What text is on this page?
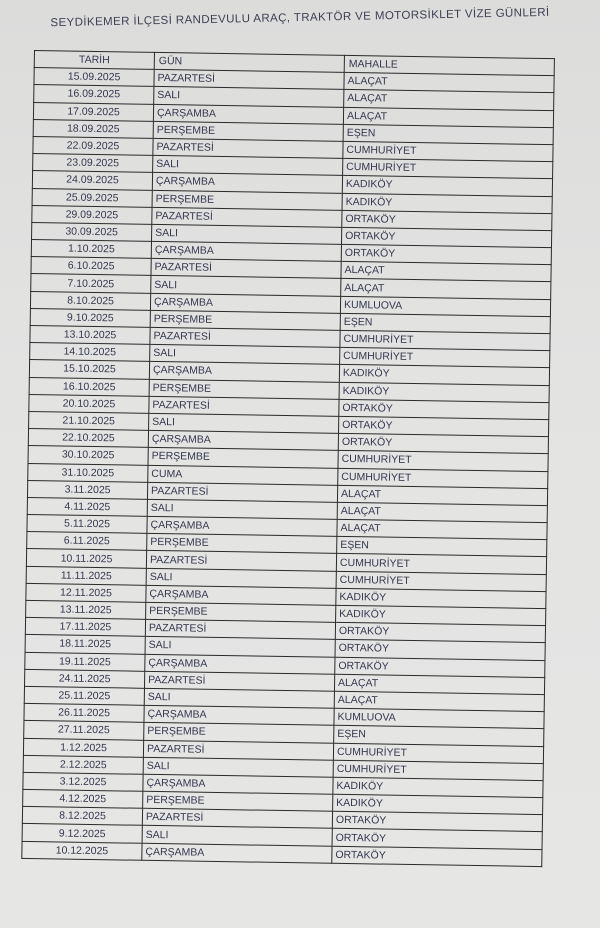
SEYDİKEMER İLÇESİ RANDEVULU ARAÇ, TRAKTÖR VE MOTORSİKLET VİZE GÜNLERİ
TARİH	GÜN	MAHALLE
15.09.2025	PAZARTESİ	ALAÇAT
16.09.2025	SALI	ALAÇAT
17.09.2025	ÇARŞAMBA	ALAÇAT
18.09.2025	PERŞEMBE	EŞEN
22.09.2025	PAZARTESİ	CUMHURİYET
23.09.2025	SALI	CUMHURİYET
24.09.2025	ÇARŞAMBA	KADIKÖY
25.09.2025	PERŞEMBE	KADIKÖY
29.09.2025	PAZARTESİ	ORTAKÖY
30.09.2025	SALI	ORTAKÖY
1.10.2025	ÇARŞAMBA	ORTAKÖY
6.10.2025	PAZARTESİ	ALAÇAT
7.10.2025	SALI	ALAÇAT
8.10.2025	ÇARŞAMBA	KUMLUOVA
9.10.2025	PERŞEMBE	EŞEN
13.10.2025	PAZARTESİ	CUMHURİYET
14.10.2025	SALI	CUMHURİYET
15.10.2025	ÇARŞAMBA	KADIKÖY
16.10.2025	PERŞEMBE	KADIKÖY
20.10.2025	PAZARTESİ	ORTAKÖY
21.10.2025	SALI	ORTAKÖY
22.10.2025	ÇARŞAMBA	ORTAKÖY
30.10.2025	PERŞEMBE	CUMHURİYET
31.10.2025	CUMA	CUMHURİYET
3.11.2025	PAZARTESİ	ALAÇAT
4.11.2025	SALI	ALAÇAT
5.11.2025	ÇARŞAMBA	ALAÇAT
6.11.2025	PERŞEMBE	EŞEN
10.11.2025	PAZARTESİ	CUMHURİYET
11.11.2025	SALI	CUMHURİYET
12.11.2025	ÇARŞAMBA	KADIKÖY
13.11.2025	PERŞEMBE	KADIKÖY
17.11.2025	PAZARTESİ	ORTAKÖY
18.11.2025	SALI	ORTAKÖY
19.11.2025	ÇARŞAMBA	ORTAKÖY
24.11.2025	PAZARTESİ	ALAÇAT
25.11.2025	SALI	ALAÇAT
26.11.2025	ÇARŞAMBA	KUMLUOVA
27.11.2025	PERŞEMBE	EŞEN
1.12.2025	PAZARTESİ	CUMHURİYET
2.12.2025	SALI	CUMHURİYET
3.12.2025	ÇARŞAMBA	KADIKÖY
4.12.2025	PERŞEMBE	KADIKÖY
8.12.2025	PAZARTESİ	ORTAKÖY
9.12.2025	SALI	ORTAKÖY
10.12.2025	ÇARŞAMBA	ORTAKÖY
